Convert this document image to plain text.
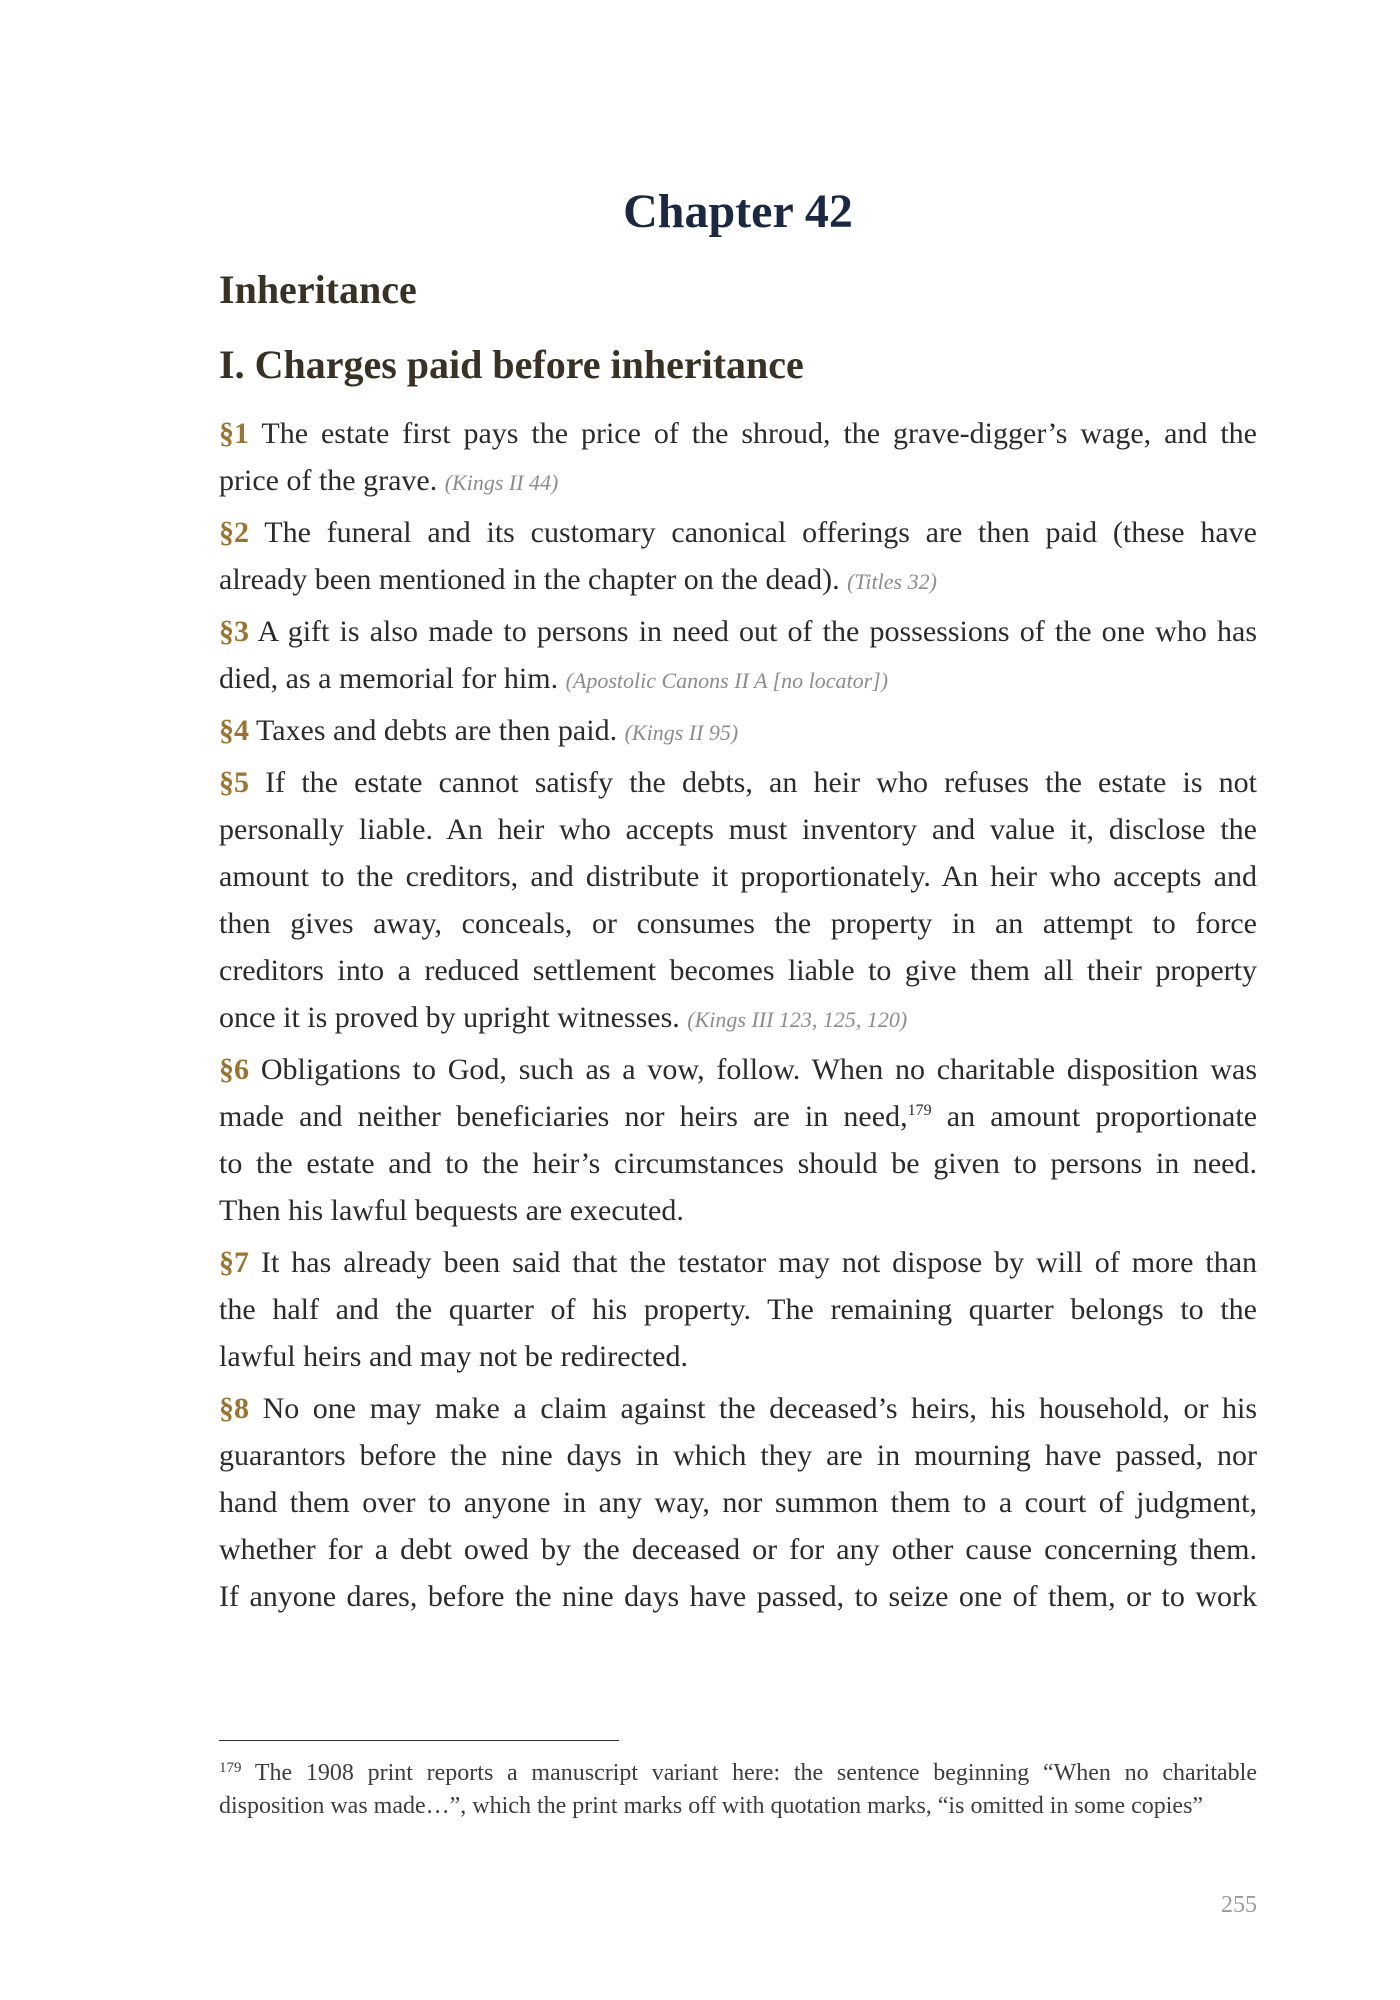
Chapter 42
Inheritance
I. Charges paid before inheritance
§1 The estate first pays the price of the shroud, the grave-digger’s wage, and the
price of the grave. (Kings II 44)
§2 The funeral and its customary canonical offerings are then paid (these have
already been mentioned in the chapter on the dead). (Titles 32)
§3 A gift is also made to persons in need out of the possessions of the one who has
died, as a memorial for him. (Apostolic Canons II A [no locator])
§4 Taxes and debts are then paid. (Kings II 95)
§5 If the estate cannot satisfy the debts, an heir who refuses the estate is not
personally liable. An heir who accepts must inventory and value it, disclose the
amount to the creditors, and distribute it proportionately. An heir who accepts and
then gives away, conceals, or consumes the property in an attempt to force
creditors into a reduced settlement becomes liable to give them all their property
once it is proved by upright witnesses. (Kings III 123, 125, 120)
§6 Obligations to God, such as a vow, follow. When no charitable disposition was
made and neither beneficiaries nor heirs are in need,$^{179}$ an amount proportionate
to the estate and to the heir’s circumstances should be given to persons in need.
Then his lawful bequests are executed.
§7 It has already been said that the testator may not dispose by will of more than
the half and the quarter of his property. The remaining quarter belongs to the
lawful heirs and may not be redirected.
§8 No one may make a claim against the deceased’s heirs, his household, or his
guarantors before the nine days in which they are in mourning have passed, nor
hand them over to anyone in any way, nor summon them to a court of judgment,
whether for a debt owed by the deceased or for any other cause concerning them.
If anyone dares, before the nine days have passed, to seize one of them, or to work
$^{179}$ The 1908 print reports a manuscript variant here: the sentence beginning “When no charitable
disposition was made…”, which the print marks off with quotation marks, “is omitted in some copies”
255
